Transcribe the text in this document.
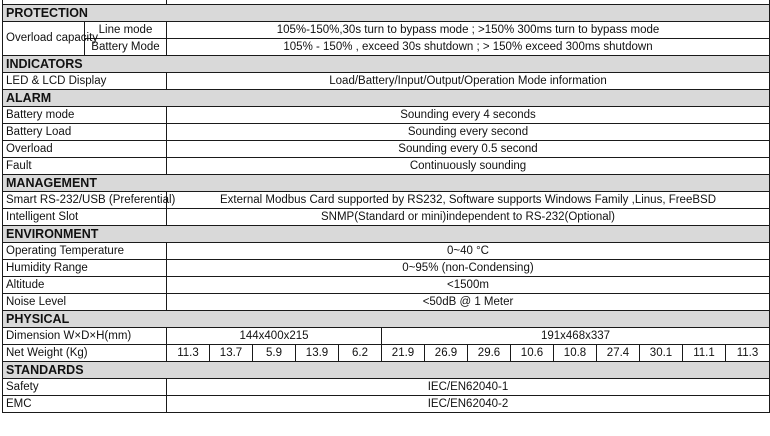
PROTECTION															
Overload capacity	Line mode	105%-150%,30s turn to bypass mode ; >150% 300ms turn to bypass mode													
	Battery Mode	105% - 150% , exceed 30s shutdown ; > 150% exceed 300ms shutdown													
INDICATORS															
LED & LCD Display		Load/Battery/Input/Output/Operation Mode information													
ALARM															
Battery mode		Sounding every 4 seconds													
Battery Load		Sounding every second													
Overload		Sounding every 0.5 second													
Fault		Continuously sounding													
MANAGEMENT															
Smart RS-232/USB (Preferential)		External Modbus Card supported by RS232, Software supports Windows Family ,Linus, FreeBSD													
Intelligent Slot		SNMP(Standard or mini)independent to RS-232(Optional)													
ENVIRONMENT															
Operating Temperature		0~40 °C													
Humidity Range		0~95% (non-Condensing)													
Altitude		<1500m													
Noise Level		<50dB @ 1 Meter													
PHYSICAL															
Dimension W×D×H(mm)		144x400x215					191x468x337								
Net Weight (Kg)		11.3	13.7	5.9	13.9	6.2	21.9	26.9	29.6	10.6	10.8	27.4	30.1	11.1	11.3
STANDARDS															
Safety		IEC/EN62040-1													
EMC		IEC/EN62040-2													
